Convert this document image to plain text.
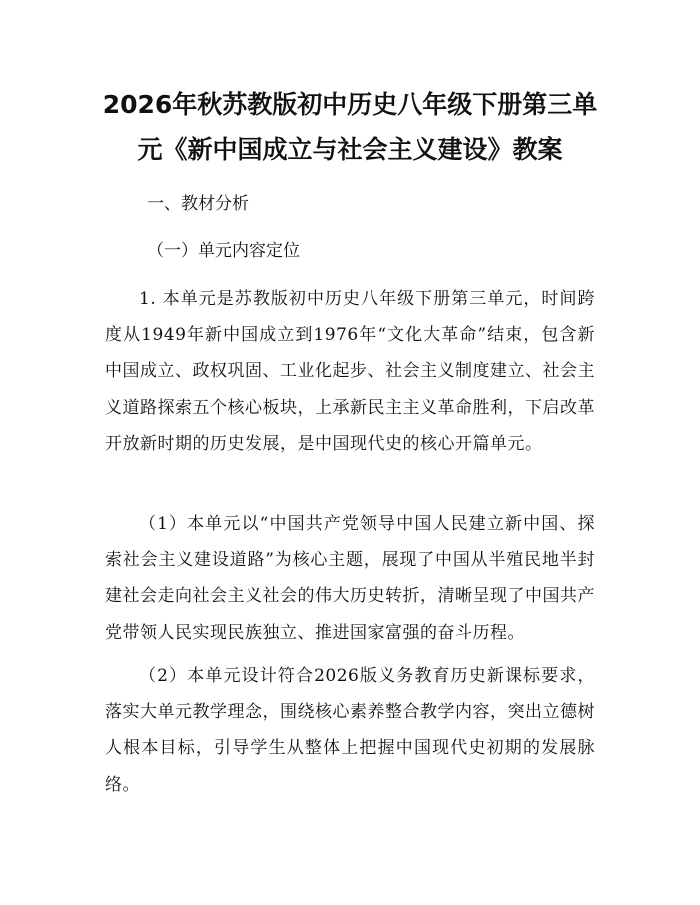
2026年秋苏教版初中历史八年级下册第三单
元《新中国成立与社会主义建设》教案

一、教材分析

（一）单元内容定位

1. 本单元是苏教版初中历史八年级下册第三单元，时间跨度从1949年新中国成立到1976年“文化大革命”结束，包含新中国成立、政权巩固、工业化起步、社会主义制度建立、社会主义道路探索五个核心板块，上承新民主主义革命胜利，下启改革开放新时期的历史发展，是中国现代史的核心开篇单元。

（1）本单元以“中国共产党领导中国人民建立新中国、探索社会主义建设道路”为核心主题，展现了中国从半殖民地半封建社会走向社会主义社会的伟大历史转折，清晰呈现了中国共产党带领人民实现民族独立、推进国家富强的奋斗历程。

（2）本单元设计符合2026版义务教育历史新课标要求，落实大单元教学理念，围绕核心素养整合教学内容，突出立德树人根本目标，引导学生从整体上把握中国现代史初期的发展脉络。
